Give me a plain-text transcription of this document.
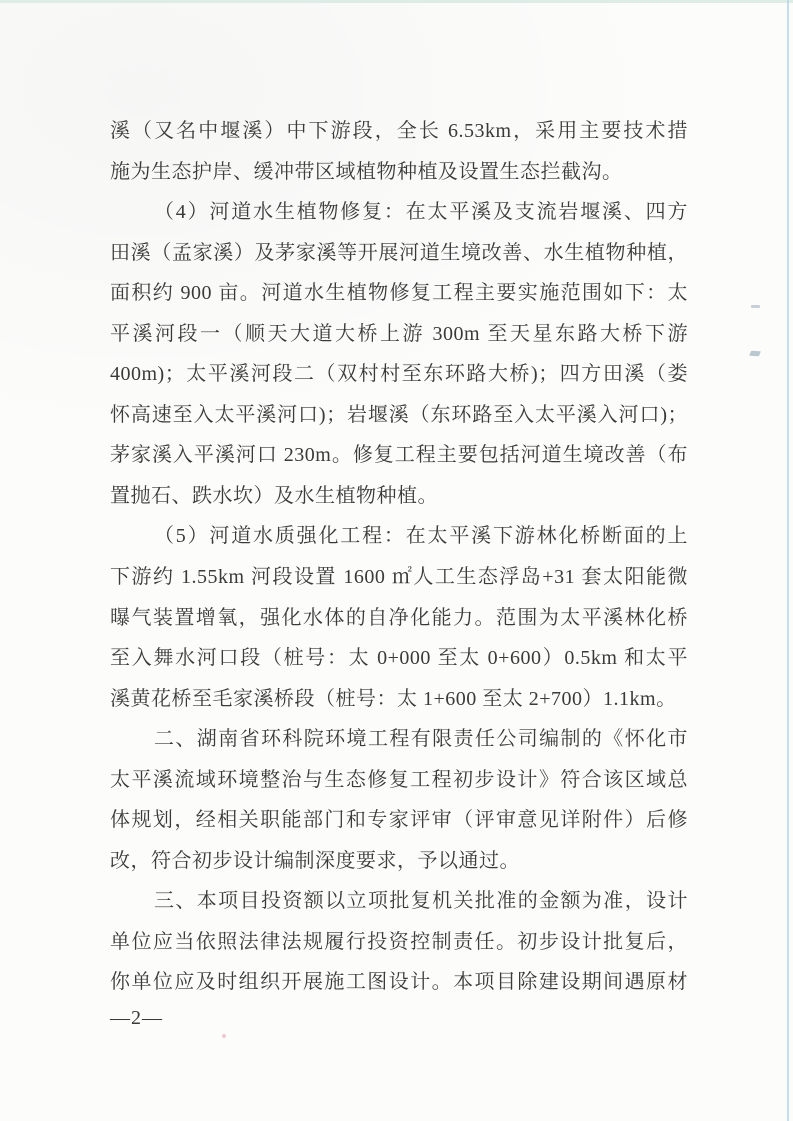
溪（又名中堰溪）中下游段，全长 6.53km，采用主要技术措
施为生态护岸、缓冲带区域植物种植及设置生态拦截沟。
（4）河道水生植物修复：在太平溪及支流岩堰溪、四方
田溪（孟家溪）及茅家溪等开展河道生境改善、水生植物种植，
面积约 900 亩。河道水生植物修复工程主要实施范围如下：太
平溪河段一（顺天大道大桥上游 300m 至天星东路大桥下游
400m)；太平溪河段二（双村村至东环路大桥)；四方田溪（娄
怀高速至入太平溪河口)；岩堰溪（东环路至入太平溪入河口)；
茅家溪入平溪河口 230m。修复工程主要包括河道生境改善（布
置抛石、跌水坎）及水生植物种植。
（5）河道水质强化工程：在太平溪下游林化桥断面的上
下游约 1.55km 河段设置 1600 ㎡人工生态浮岛+31 套太阳能微
曝气装置增氧，强化水体的自净化能力。范围为太平溪林化桥
至入舞水河口段（桩号：太 0+000 至太 0+600）0.5km 和太平
溪黄花桥至毛家溪桥段（桩号：太 1+600 至太 2+700）1.1km。
二、湖南省环科院环境工程有限责任公司编制的《怀化市
太平溪流域环境整治与生态修复工程初步设计》符合该区域总
体规划，经相关职能部门和专家评审（评审意见详附件）后修
改，符合初步设计编制深度要求，予以通过。
三、本项目投资额以立项批复机关批准的金额为准，设计
单位应当依照法律法规履行投资控制责任。初步设计批复后，
你单位应及时组织开展施工图设计。本项目除建设期间遇原材
—2—
